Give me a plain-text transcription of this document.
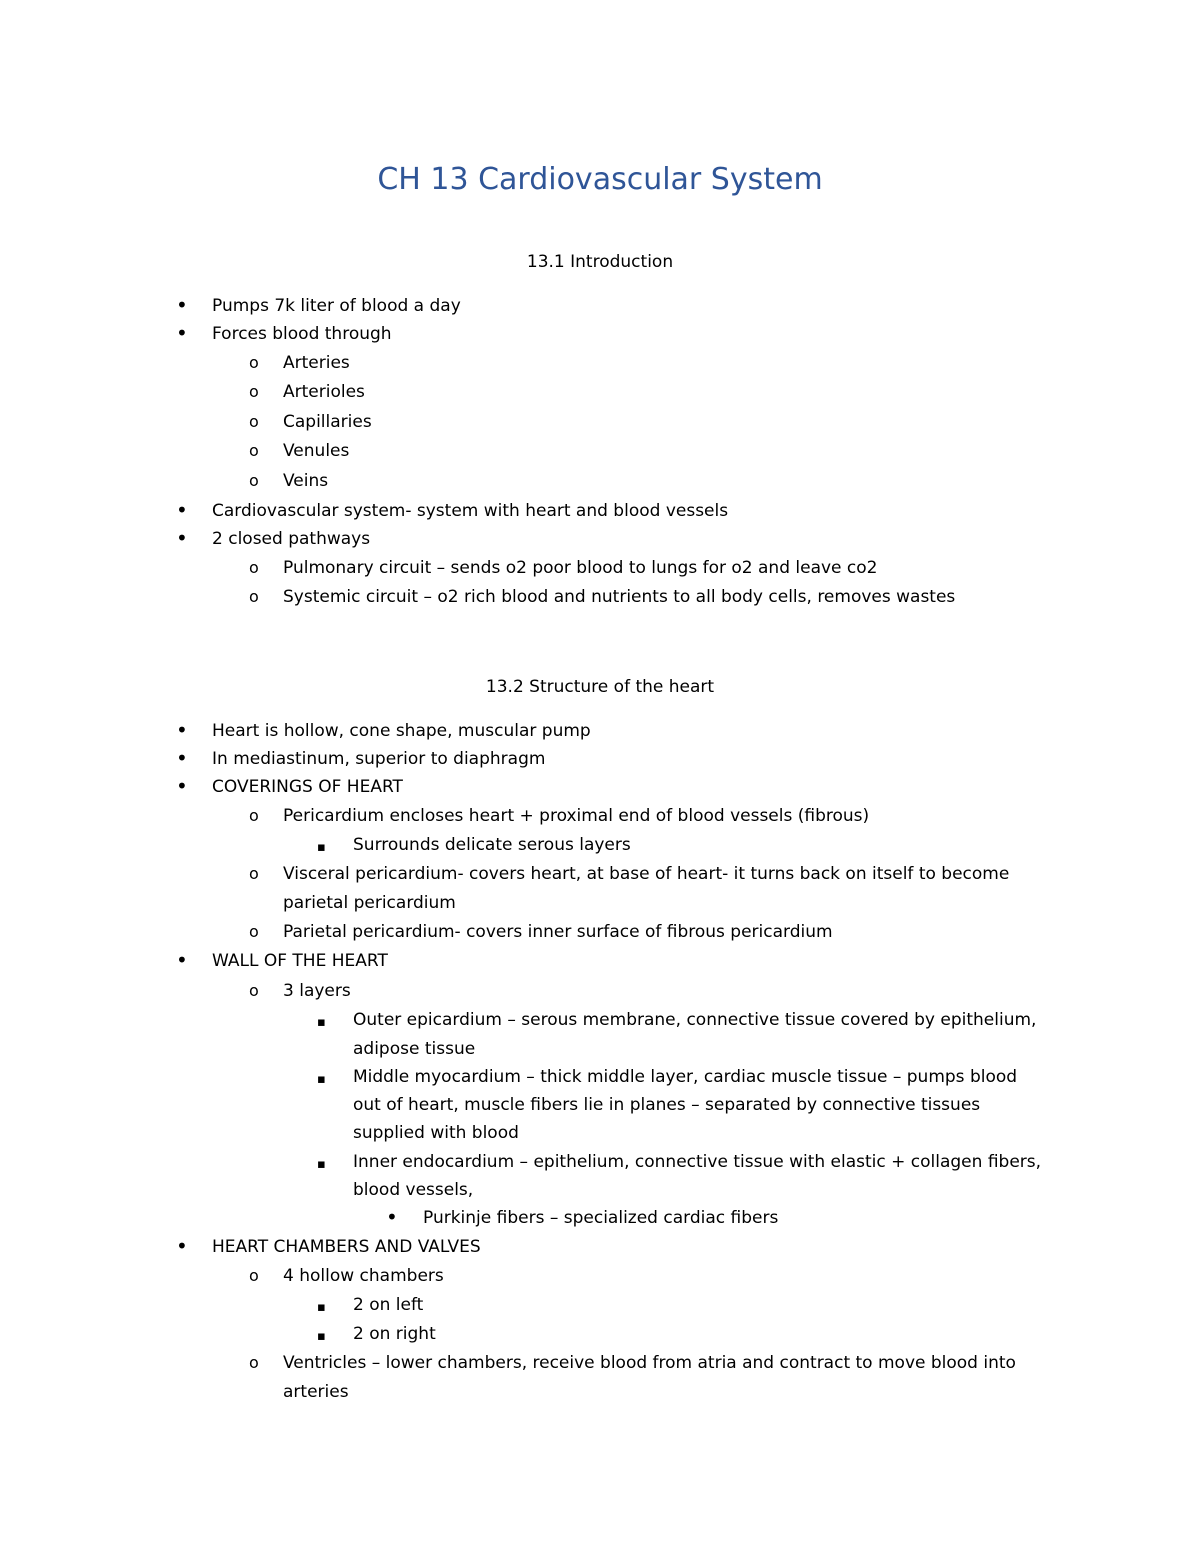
CH 13 Cardiovascular System
13.1 Introduction
13.2 Structure of the heart
•
Pumps 7k liter of blood a day
•
Forces blood through
o
Arteries
o
Arterioles
o
Capillaries
o
Venules
o
Veins
•
Cardiovascular system- system with heart and blood vessels
•
2 closed pathways
o
Pulmonary circuit – sends o2 poor blood to lungs for o2 and leave co2
o
Systemic circuit – o2 rich blood and nutrients to all body cells, removes wastes
•
Heart is hollow, cone shape, muscular pump
•
In mediastinum, superior to diaphragm
•
COVERINGS OF HEART
o
Pericardium encloses heart + proximal end of blood vessels (fibrous)
▪
Surrounds delicate serous layers
o
Visceral pericardium- covers heart, at base of heart- it turns back on itself to become
parietal pericardium
o
Parietal pericardium- covers inner surface of fibrous pericardium
•
WALL OF THE HEART
o
3 layers
▪
Outer epicardium – serous membrane, connective tissue covered by epithelium,
adipose tissue
▪
Middle myocardium – thick middle layer, cardiac muscle tissue – pumps blood
out of heart, muscle fibers lie in planes – separated by connective tissues
supplied with blood
▪
Inner endocardium – epithelium, connective tissue with elastic + collagen fibers,
blood vessels,
•
Purkinje fibers – specialized cardiac fibers
•
HEART CHAMBERS AND VALVES
o
4 hollow chambers
▪
2 on left
▪
2 on right
o
Ventricles – lower chambers, receive blood from atria and contract to move blood into
arteries
